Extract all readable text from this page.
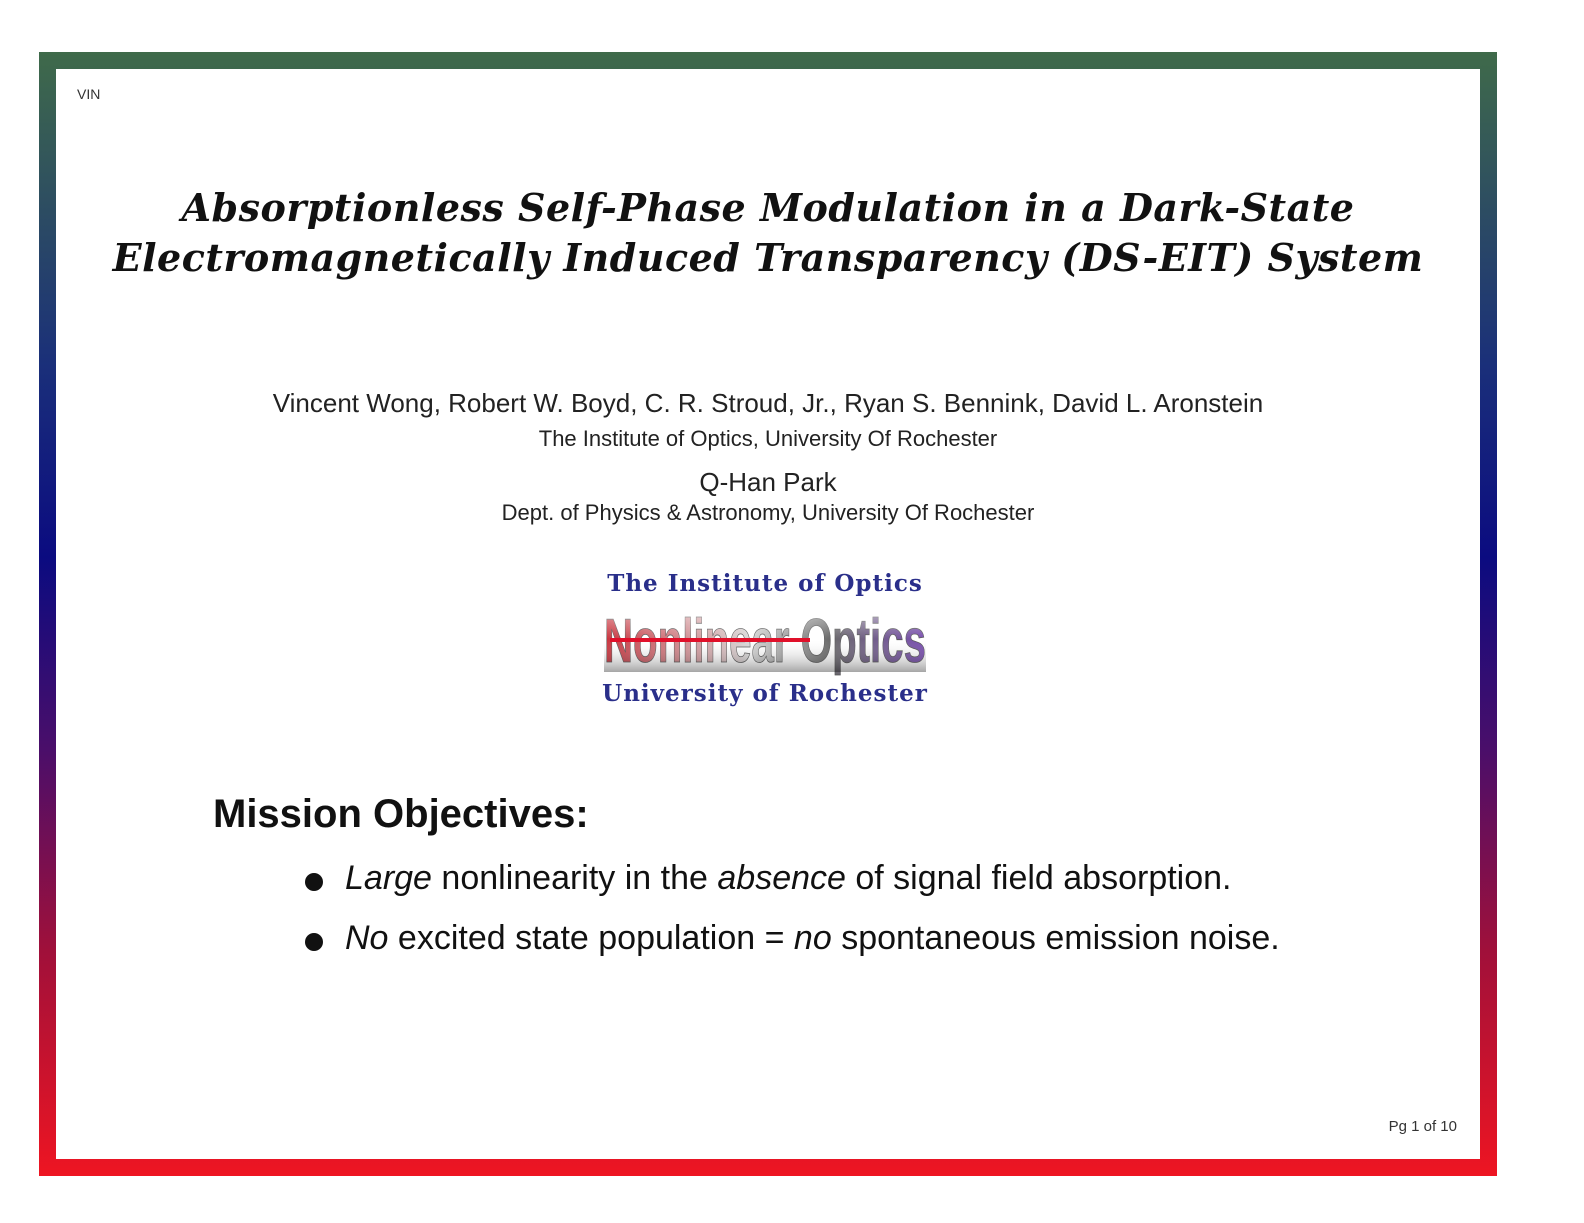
VIN
Absorptionless Self-Phase Modulation in a Dark-State
Electromagnetically Induced Transparency (DS-EIT) System
Vincent Wong, Robert W. Boyd, C. R. Stroud, Jr., Ryan S. Bennink, David L. Aronstein
The Institute of Optics, University Of Rochester
Q-Han Park
Dept. of Physics & Astronomy, University Of Rochester
The Institute of Optics
University of Rochester
Mission Objectives:
Large nonlinearity in the absence of signal field absorption.
No excited state population = no spontaneous emission noise.
Pg 1 of 10
